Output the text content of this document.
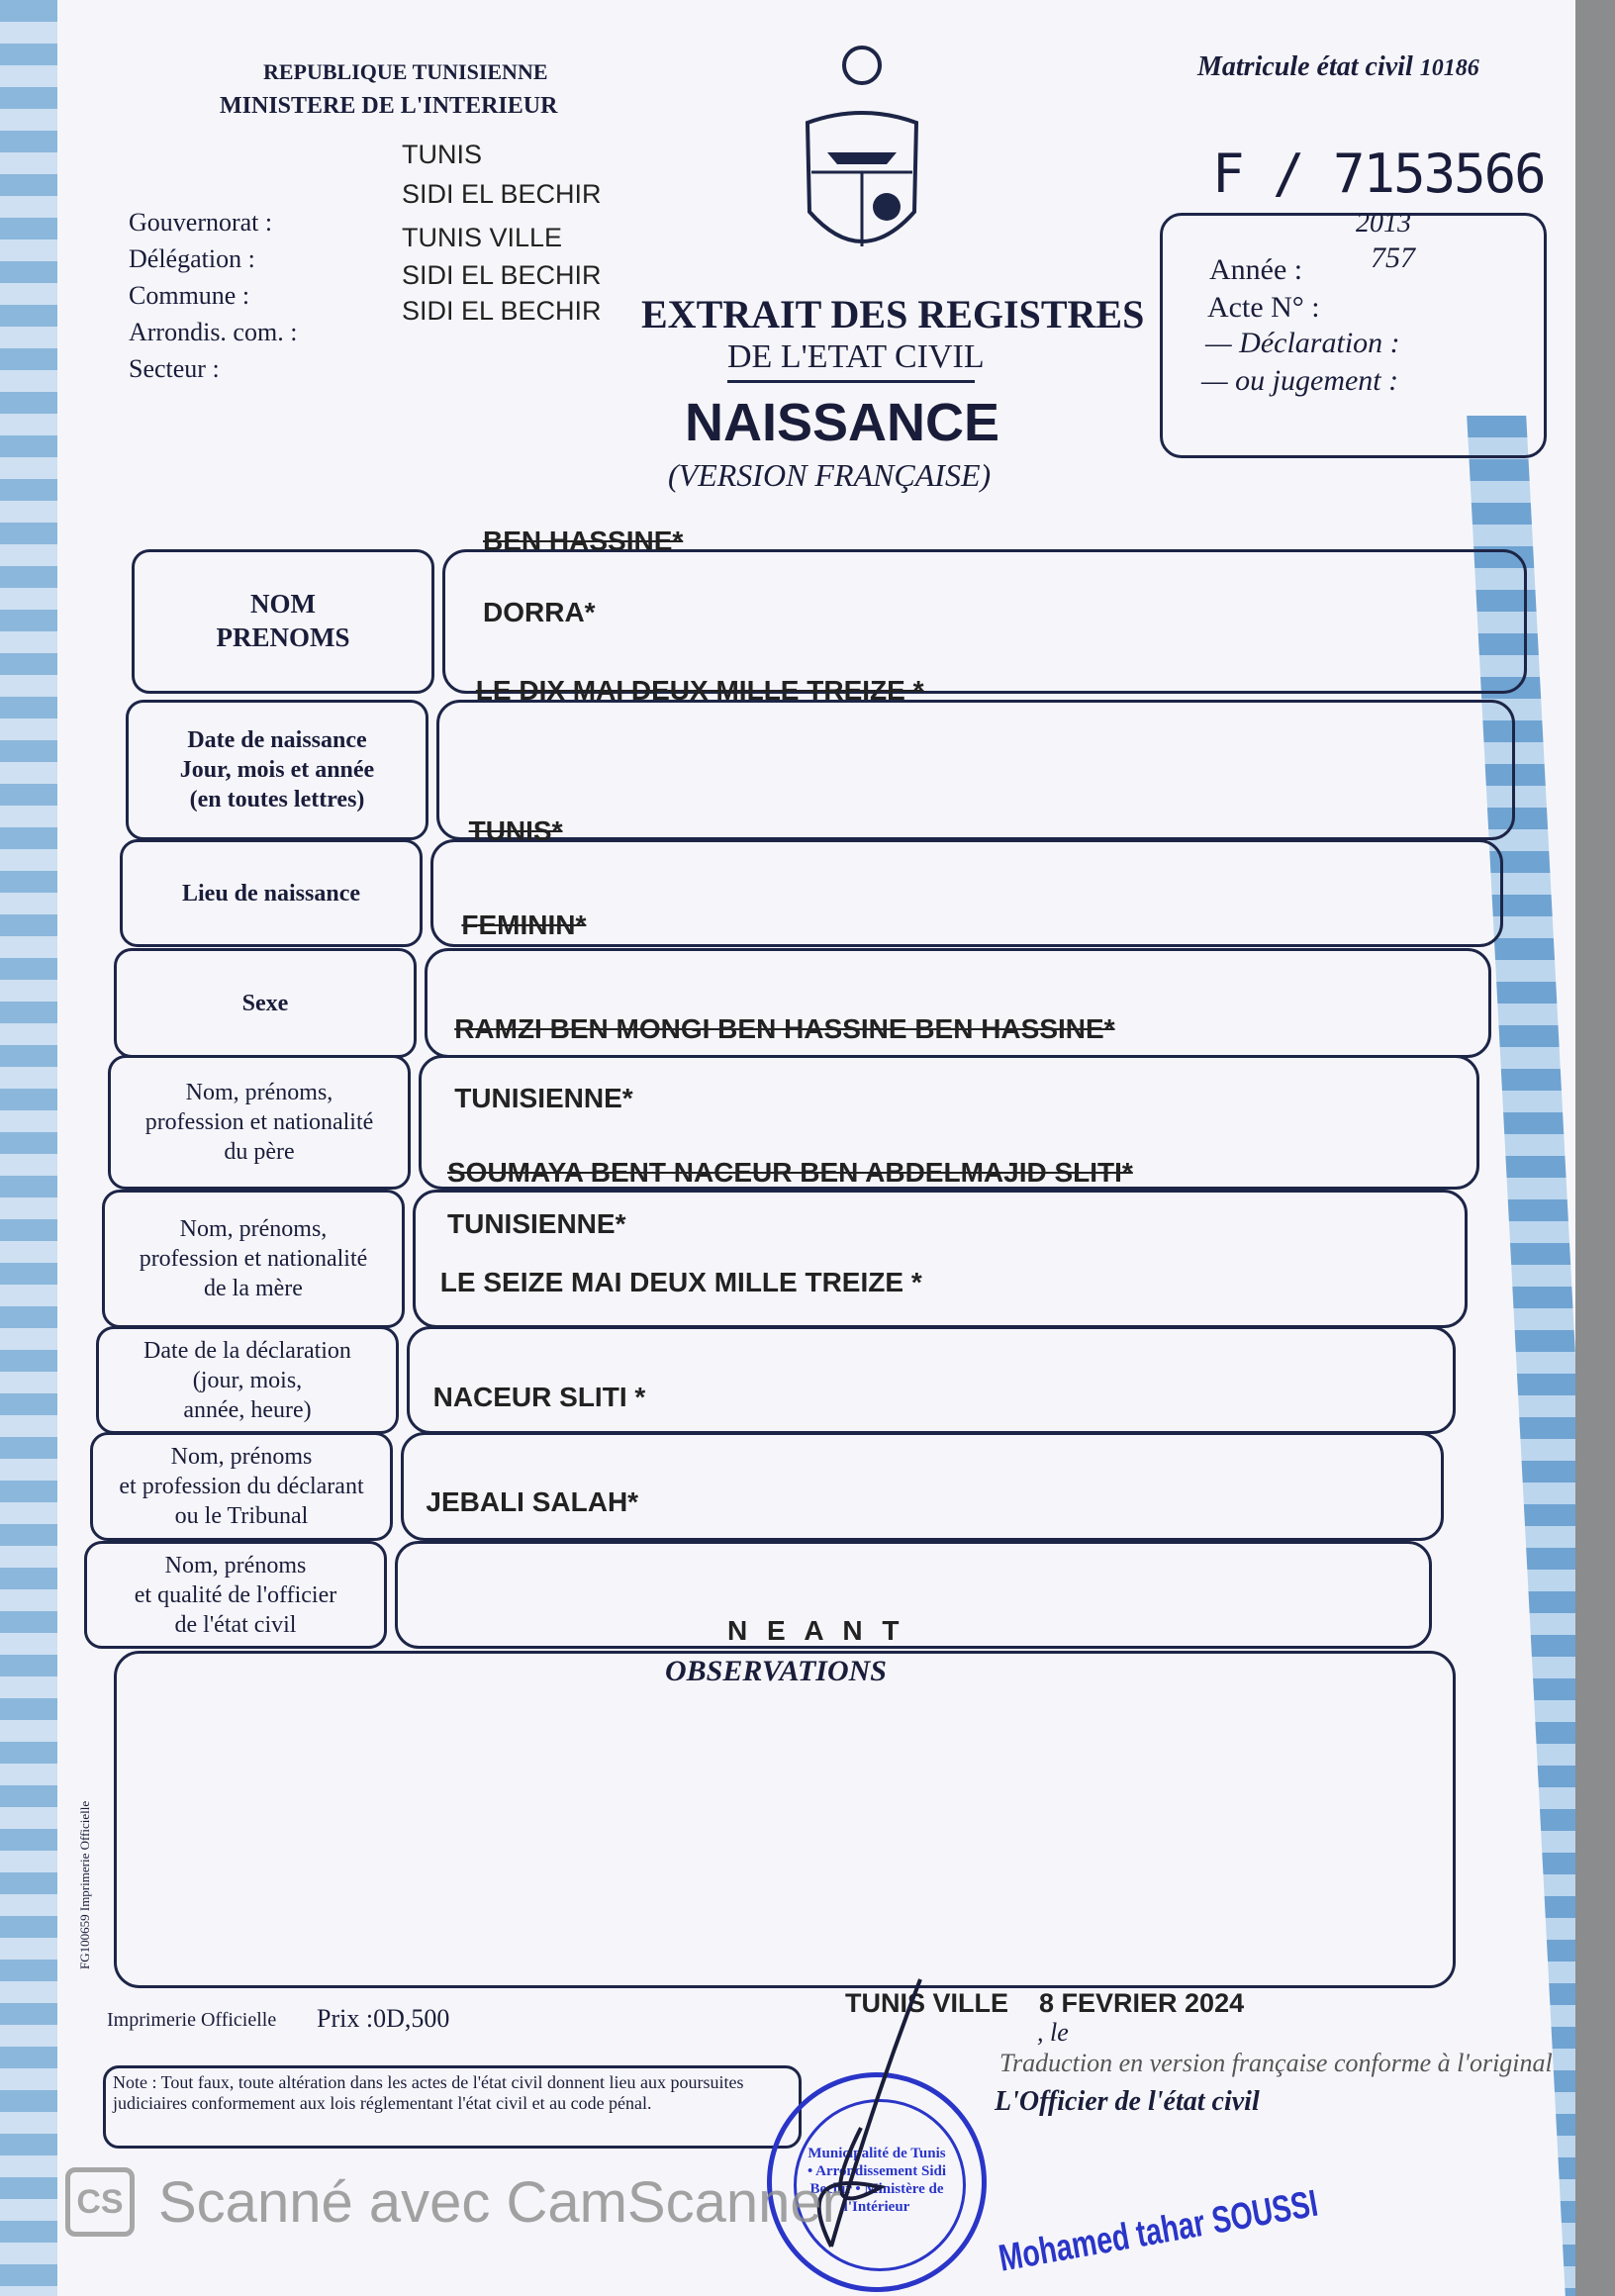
REPUBLIQUE TUNISIENNE
MINISTERE DE L'INTERIEUR
Gouvernorat :
Délégation :
Commune :
Arrondis. com. :
Secteur :
TUNIS
SIDI EL BECHIR
TUNIS VILLE
SIDI EL BECHIR
SIDI EL BECHIR
Matricule état civil 10186
F / 7153566
2013
757
Année :
Acte N° :
— Déclaration :
— ou jugement :
EXTRAIT DES REGISTRES
DE L'ETAT CIVIL
NAISSANCE
(VERSION FRANÇAISE)
NOM
PRENOMS
BEN HASSINE*
DORRA*
Date de naissance
Jour, mois et année
(en toutes lettres)
LE DIX MAI DEUX MILLE TREIZE *
Lieu de naissance
TUNIS*
Sexe
FEMININ*
Nom, prénoms,
profession et nationalité
du père
RAMZI BEN MONGI BEN HASSINE BEN HASSINE*
TUNISIENNE*
Nom, prénoms,
profession et nationalité
de la mère
SOUMAYA BENT NACEUR BEN ABDELMAJID SLITI*
TUNISIENNE*
Date de la déclaration
(jour, mois,
année, heure)
LE SEIZE MAI DEUX MILLE TREIZE *
Nom, prénoms
et profession du déclarant
ou le Tribunal
NACEUR SLITI *
Nom, prénoms
et qualité de l'officier
de l'état civil
JEBALI SALAH*
N E A N T
OBSERVATIONS
FG100659 Imprimerie Officielle
Imprimerie Officielle Prix :0D,500
Note : Tout faux, toute altération dans les actes de l'état civil donnent lieu aux poursuites judiciaires conformement aux lois réglementant l'état civil et au code pénal.
TUNIS VILLE 8 FEVRIER 2024
, le
Traduction en version française conforme à l'original
L'Officier de l'état civil
Municipalité de Tunis • Arrondissement Sidi Bechir • Ministère de l'Intérieur	Mohamed tahar SOUSSI
CS Scanné avec CamScanner
